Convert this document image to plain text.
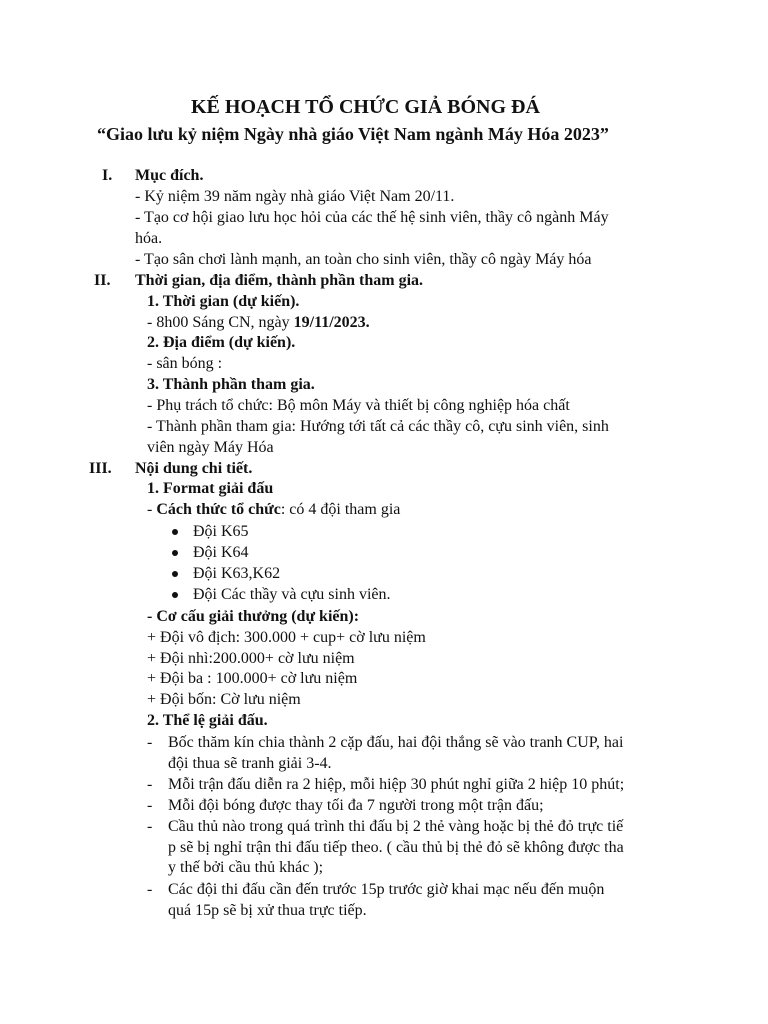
KẾ HOẠCH TỔ CHỨC GIẢ BÓNG ĐÁ
“Giao lưu kỷ niệm Ngày nhà giáo Việt Nam ngành Máy Hóa 2023”
I. Mục đích.
- Kỷ niệm 39 năm ngày nhà giáo Việt Nam 20/11.
- Tạo cơ hội giao lưu học hỏi của các thế hệ sinh viên, thầy cô ngành Máy
hóa.
- Tạo sân chơi lành mạnh, an toàn cho sinh viên, thầy cô ngày Máy hóa
II. Thời gian, địa điểm, thành phần tham gia.
1. Thời gian (dự kiến).
- 8h00 Sáng CN, ngày 19/11/2023.
2. Địa điểm (dự kiến).
- sân bóng :
3. Thành phần tham gia.
- Phụ trách tổ chức: Bộ môn Máy và thiết bị công nghiệp hóa chất
- Thành phần tham gia: Hướng tới tất cả các thầy cô, cựu sinh viên, sinh
viên ngày Máy Hóa
III. Nội dung chi tiết.
1. Format giải đấu
- Cách thức tổ chức: có 4 đội tham gia
Đội K65
Đội K64
Đội K63,K62
Đội Các thầy và cựu sinh viên.
- Cơ cấu giải thưởng (dự kiến):
+ Đội vô địch: 300.000 + cup+ cờ lưu niệm
+ Đội nhì:200.000+ cờ lưu niệm
+ Đội ba : 100.000+ cờ lưu niệm
+ Đội bốn: Cờ lưu niệm
2. Thể lệ giải đấu.
- Bốc thăm kín chia thành 2 cặp đấu, hai đội thắng sẽ vào tranh CUP, hai
đội thua sẽ tranh giải 3-4.
- Mỗi trận đấu diễn ra 2 hiệp, mỗi hiệp 30 phút nghỉ giữa 2 hiệp 10 phút;
- Mỗi đội bóng được thay tối đa 7 người trong một trận đấu;
- Cầu thủ nào trong quá trình thi đấu bị 2 thẻ vàng hoặc bị thẻ đỏ trực tiế
p sẽ bị nghỉ trận thi đấu tiếp theo. ( cầu thủ bị thẻ đỏ sẽ không được tha
y thế bởi cầu thủ khác );
- Các đội thi đấu cần đến trước 15p trước giờ khai mạc nếu đến muộn
quá 15p sẽ bị xử thua trực tiếp.
